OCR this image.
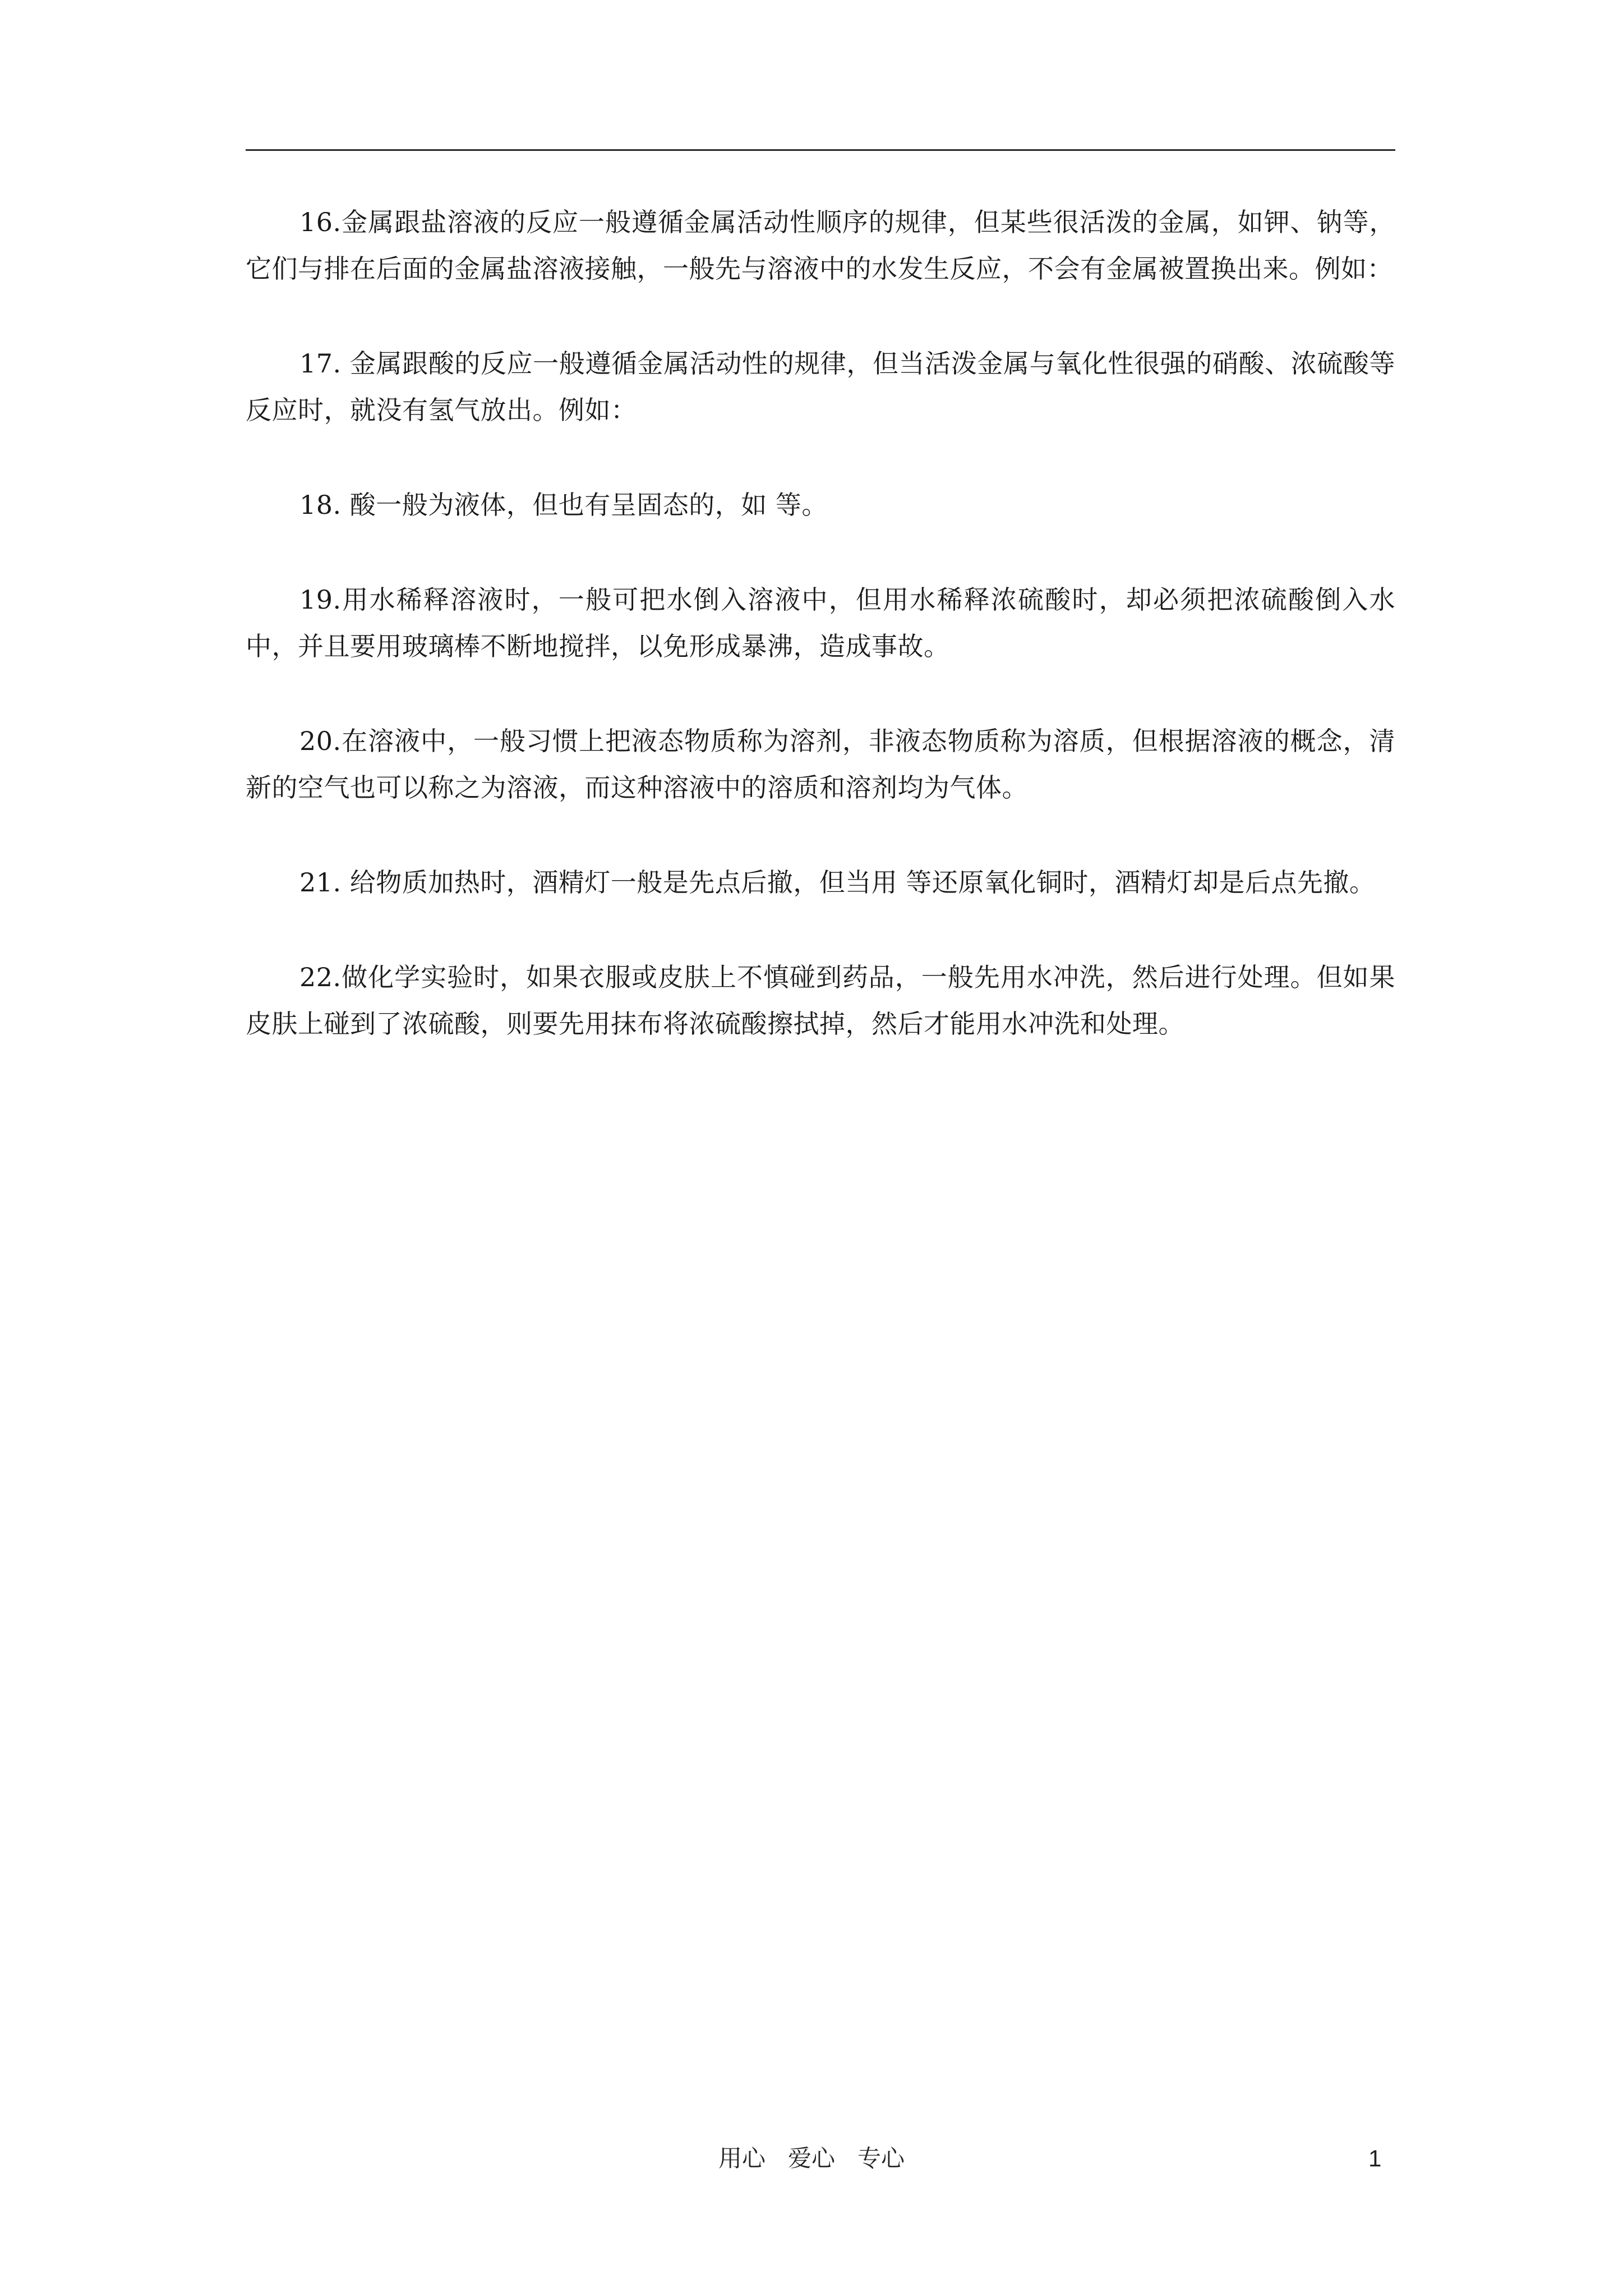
16.金属跟盐溶液的反应一般遵循金属活动性顺序的规律，但某些很活泼的金属，如钾、钠等，它们与排在后面的金属盐溶液接触，一般先与溶液中的水发生反应，不会有金属被置换出来。例如：

17. 金属跟酸的反应一般遵循金属活动性的规律，但当活泼金属与氧化性很强的硝酸、浓硫酸等反应时，就没有氢气放出。例如：

18. 酸一般为液体，但也有呈固态的，如 等。

19.用水稀释溶液时，一般可把水倒入溶液中，但用水稀释浓硫酸时，却必须把浓硫酸倒入水中，并且要用玻璃棒不断地搅拌，以免形成暴沸，造成事故。

20.在溶液中，一般习惯上把液态物质称为溶剂，非液态物质称为溶质，但根据溶液的概念，清新的空气也可以称之为溶液，而这种溶液中的溶质和溶剂均为气体。

21. 给物质加热时，酒精灯一般是先点后撤，但当用 等还原氧化铜时，酒精灯却是后点先撤。

22.做化学实验时，如果衣服或皮肤上不慎碰到药品，一般先用水冲洗，然后进行处理。但如果皮肤上碰到了浓硫酸，则要先用抹布将浓硫酸擦拭掉，然后才能用水冲洗和处理。

用心   爱心   专心	1
